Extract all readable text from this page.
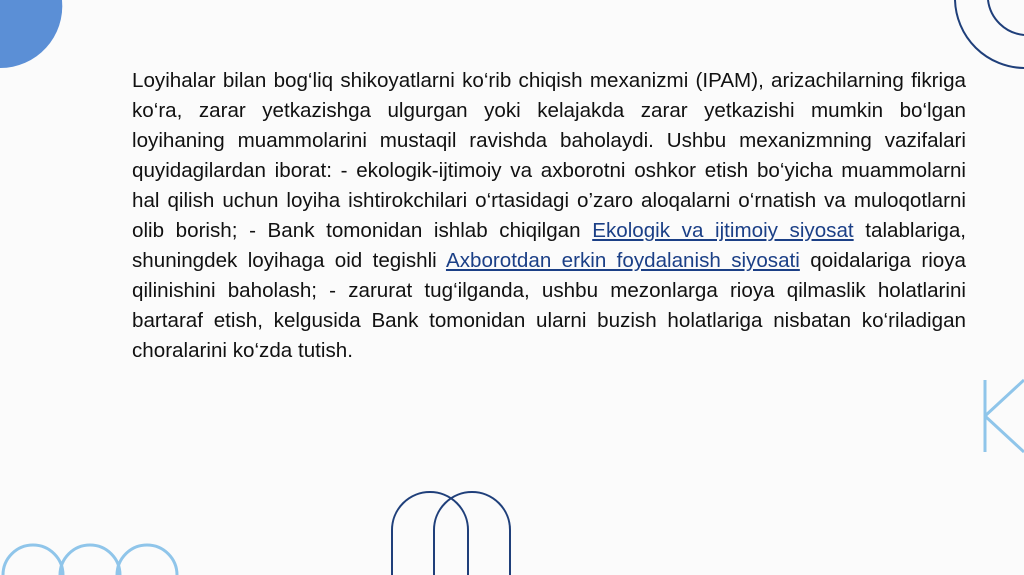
Loyihalar bilan bog‘liq shikoyatlarni ko‘rib chiqish mexanizmi (IPAM), arizachilarning fikriga ko‘ra, zarar yetkazishga ulgurgan yoki kelajakda zarar yetkazishi mumkin bo‘lgan loyihaning muammolarini mustaqil ravishda baholaydi. Ushbu mexanizmning vazifalari quyidagilardan iborat: - ekologik-ijtimoiy va axborotni oshkor etish bo‘yicha muammolarni hal qilish uchun loyiha ishtirokchilari o‘rtasidagi o’zaro aloqalarni o‘rnatish va muloqotlarni olib borish; - Bank tomonidan ishlab chiqilgan Ekologik va ijtimoiy siyosat talablariga, shuningdek loyihaga oid tegishli Axborotdan erkin foydalanish siyosati qoidalariga rioya qilinishini baholash; - zarurat tug‘ilganda, ushbu mezonlarga rioya qilmaslik holatlarini bartaraf etish, kelgusida Bank tomonidan ularni buzish holatlariga nisbatan ko‘riladigan choralarini ko‘zda tutish.
